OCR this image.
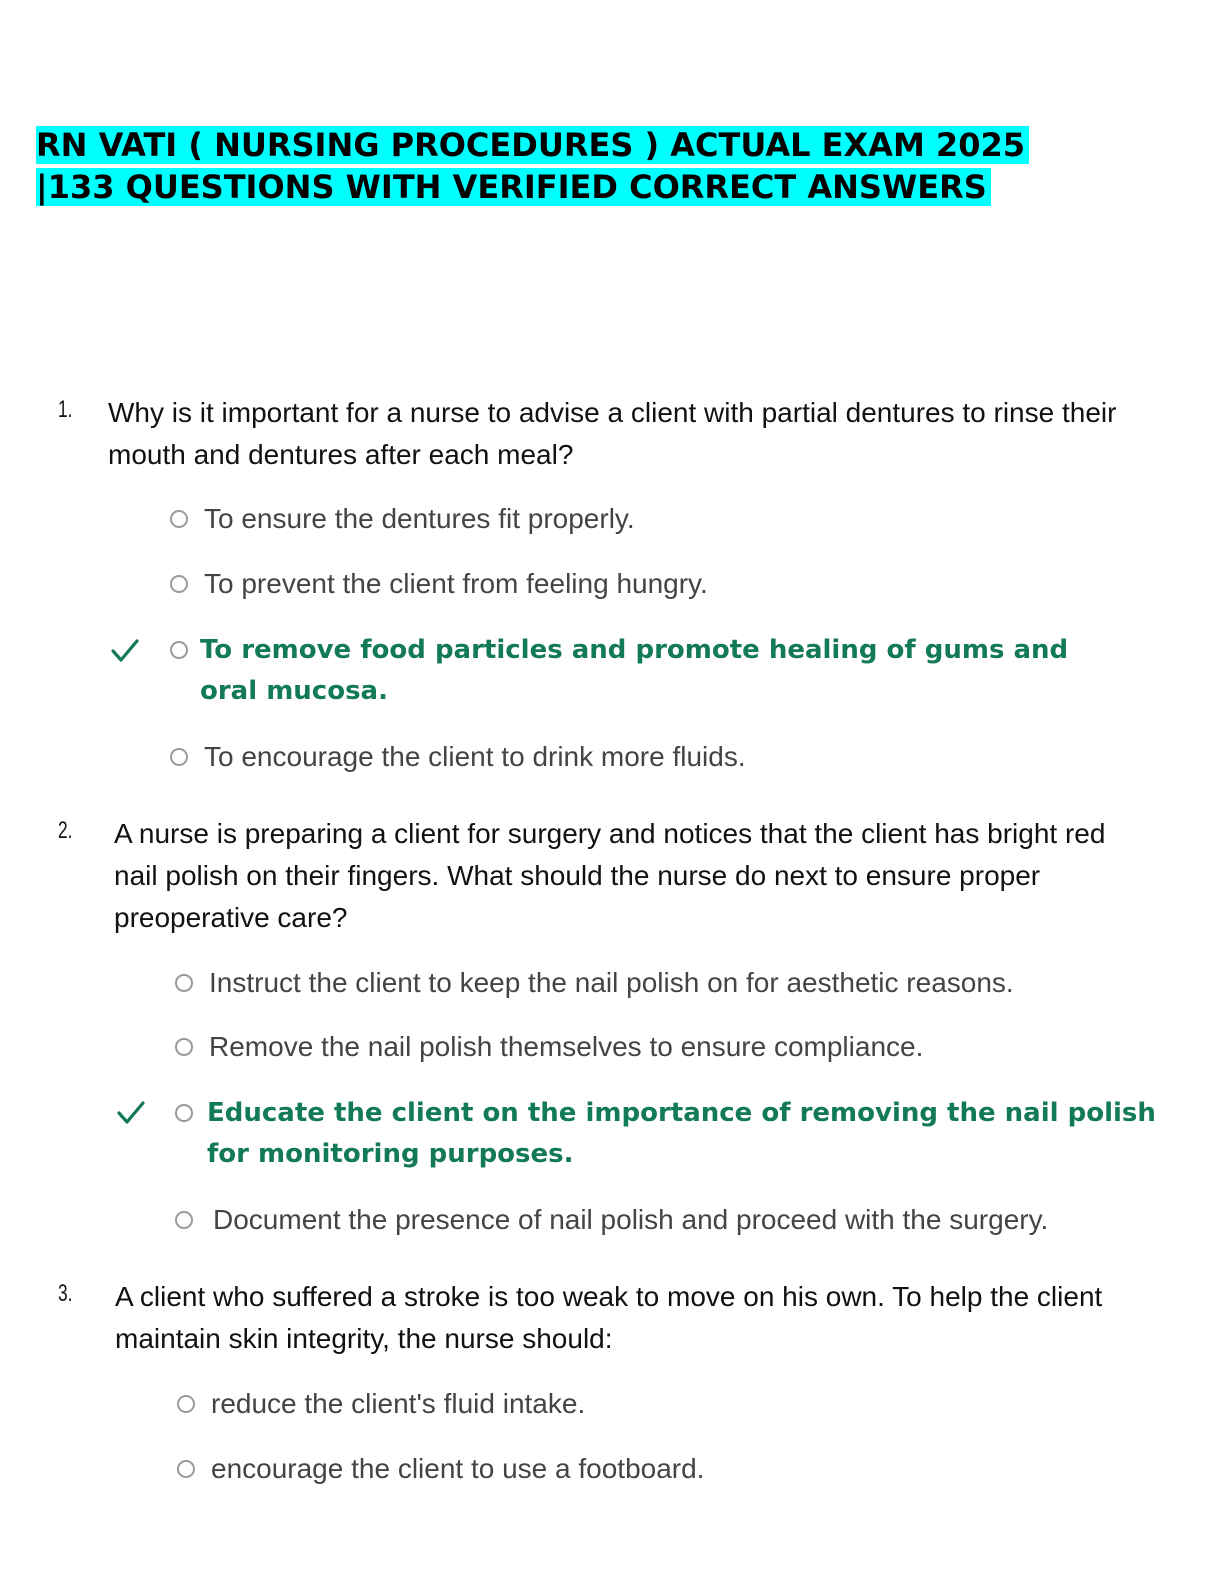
RN VATI ( NURSING PROCEDURES ) ACTUAL EXAM 2025
|133 QUESTIONS WITH VERIFIED CORRECT ANSWERS
1. Why is it important for a nurse to advise a client with partial dentures to rinse their mouth and dentures after each meal?
To ensure the dentures fit properly.
To prevent the client from feeling hungry.
To remove food particles and promote healing of gums and oral mucosa.
To encourage the client to drink more fluids.
2. A nurse is preparing a client for surgery and notices that the client has bright red nail polish on their fingers. What should the nurse do next to ensure proper preoperative care?
Instruct the client to keep the nail polish on for aesthetic reasons.
Remove the nail polish themselves to ensure compliance.
Educate the client on the importance of removing the nail polish for monitoring purposes.
Document the presence of nail polish and proceed with the surgery.
3. A client who suffered a stroke is too weak to move on his own. To help the client maintain skin integrity, the nurse should:
reduce the client's fluid intake.
encourage the client to use a footboard.
